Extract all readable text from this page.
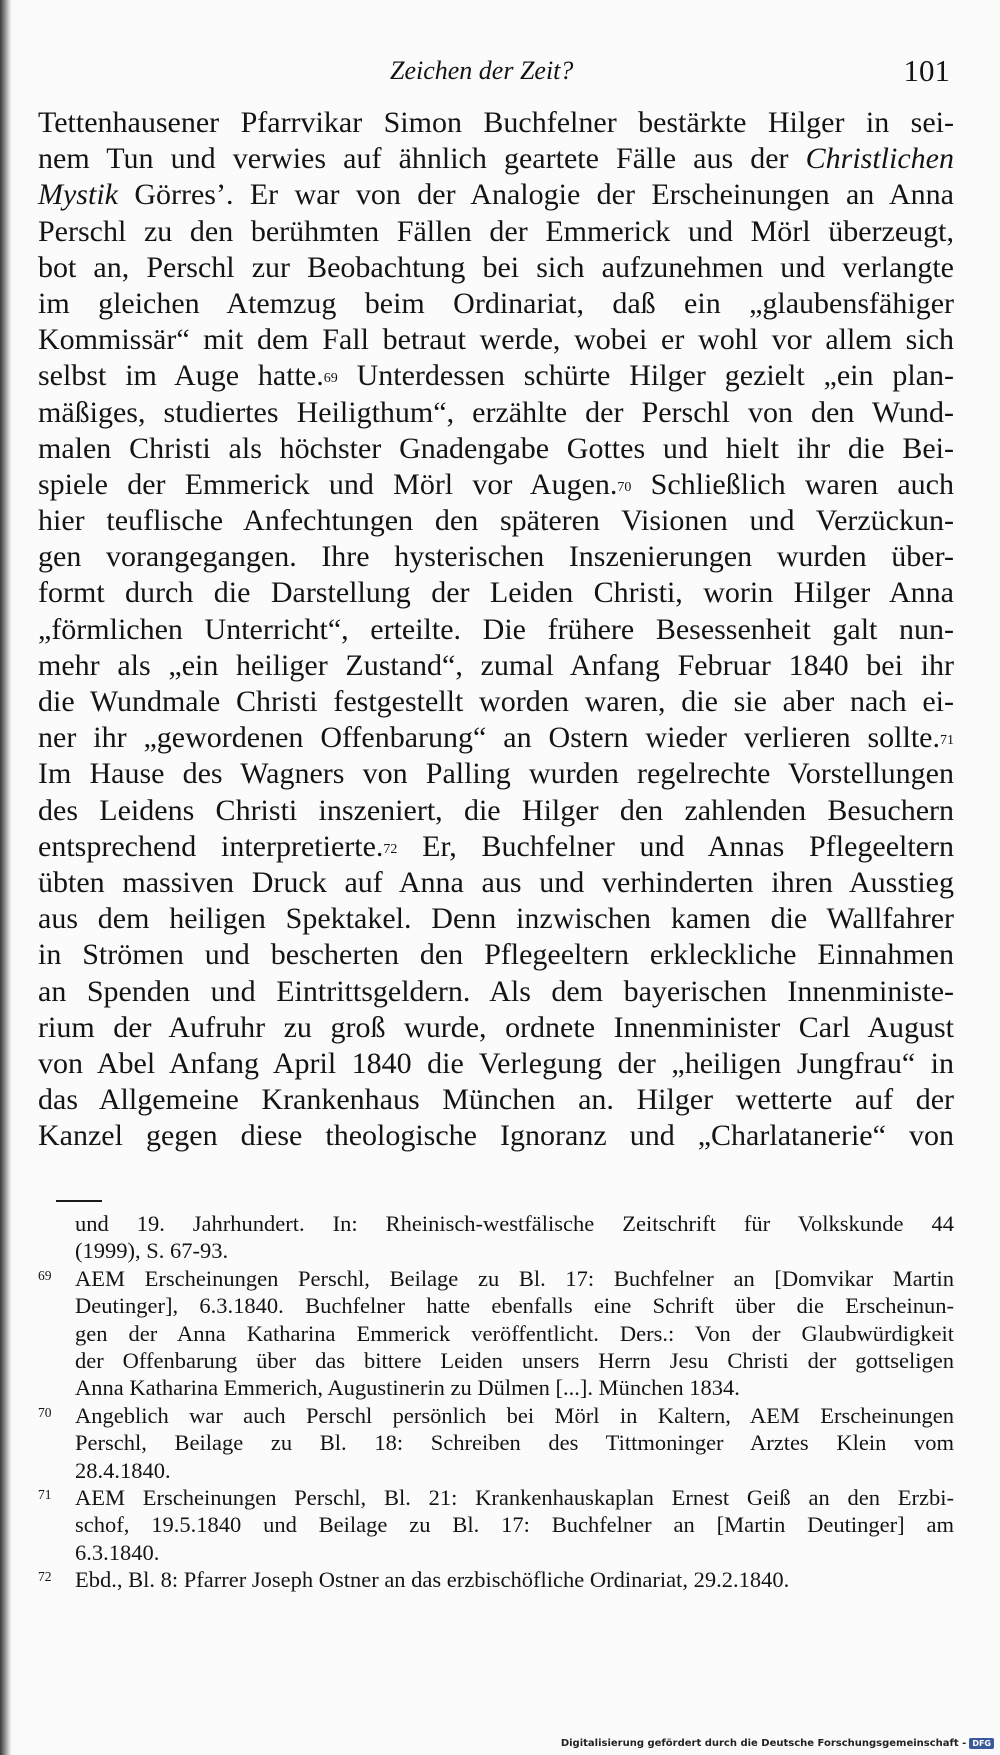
Zeichen der Zeit?	101
Tettenhausener Pfarrvikar Simon Buchfelner bestärkte Hilger in sei-
nem Tun und verwies auf ähnlich geartete Fälle aus der Christlichen
Mystik Görres’. Er war von der Analogie der Erscheinungen an Anna
Perschl zu den berühmten Fällen der Emmerick und Mörl überzeugt,
bot an, Perschl zur Beobachtung bei sich aufzunehmen und verlangte
im gleichen Atemzug beim Ordinariat, daß ein „glaubensfähiger
Kommissär“ mit dem Fall betraut werde, wobei er wohl vor allem sich
selbst im Auge hatte.$^{69}$ Unterdessen schürte Hilger gezielt „ein plan-
mäßiges, studiertes Heiligthum“, erzählte der Perschl von den Wund-
malen Christi als höchster Gnadengabe Gottes und hielt ihr die Bei-
spiele der Emmerick und Mörl vor Augen.$^{70}$ Schließlich waren auch
hier teuflische Anfechtungen den späteren Visionen und Verzückun-
gen vorangegangen. Ihre hysterischen Inszenierungen wurden über-
formt durch die Darstellung der Leiden Christi, worin Hilger Anna
„förmlichen Unterricht“, erteilte. Die frühere Besessenheit galt nun-
mehr als „ein heiliger Zustand“, zumal Anfang Februar 1840 bei ihr
die Wundmale Christi festgestellt worden waren, die sie aber nach ei-
ner ihr „gewordenen Offenbarung“ an Ostern wieder verlieren sollte.$^{71}$
Im Hause des Wagners von Palling wurden regelrechte Vorstellungen
des Leidens Christi inszeniert, die Hilger den zahlenden Besuchern
entsprechend interpretierte.$^{72}$ Er, Buchfelner und Annas Pflegeeltern
übten massiven Druck auf Anna aus und verhinderten ihren Ausstieg
aus dem heiligen Spektakel. Denn inzwischen kamen die Wallfahrer
in Strömen und bescherten den Pflegeeltern erkleckliche Einnahmen
an Spenden und Eintrittsgeldern. Als dem bayerischen Innenministe-
rium der Aufruhr zu groß wurde, ordnete Innenminister Carl August
von Abel Anfang April 1840 die Verlegung der „heiligen Jungfrau“ in
das Allgemeine Krankenhaus München an. Hilger wetterte auf der
Kanzel gegen diese theologische Ignoranz und „Charlatanerie“ von
und 19. Jahrhundert. In: Rheinisch-westfälische Zeitschrift für Volkskunde 44
(1999), S. 67-93.
69 AEM Erscheinungen Perschl, Beilage zu Bl. 17: Buchfelner an [Domvikar Martin
Deutinger], 6.3.1840. Buchfelner hatte ebenfalls eine Schrift über die Erscheinun-
gen der Anna Katharina Emmerick veröffentlicht. Ders.: Von der Glaubwürdigkeit
der Offenbarung über das bittere Leiden unsers Herrn Jesu Christi der gottseligen
Anna Katharina Emmerich, Augustinerin zu Dülmen [...]. München 1834.
70 Angeblich war auch Perschl persönlich bei Mörl in Kaltern, AEM Erscheinungen
Perschl, Beilage zu Bl. 18: Schreiben des Tittmoninger Arztes Klein vom
28.4.1840.
71 AEM Erscheinungen Perschl, Bl. 21: Krankenhauskaplan Ernest Geiß an den Erzbi-
schof, 19.5.1840 und Beilage zu Bl. 17: Buchfelner an [Martin Deutinger] am
6.3.1840.
72 Ebd., Bl. 8: Pfarrer Joseph Ostner an das erzbischöfliche Ordinariat, 29.2.1840.
Digitalisierung gefördert durch die Deutsche Forschungsgemeinschaft - DFG
